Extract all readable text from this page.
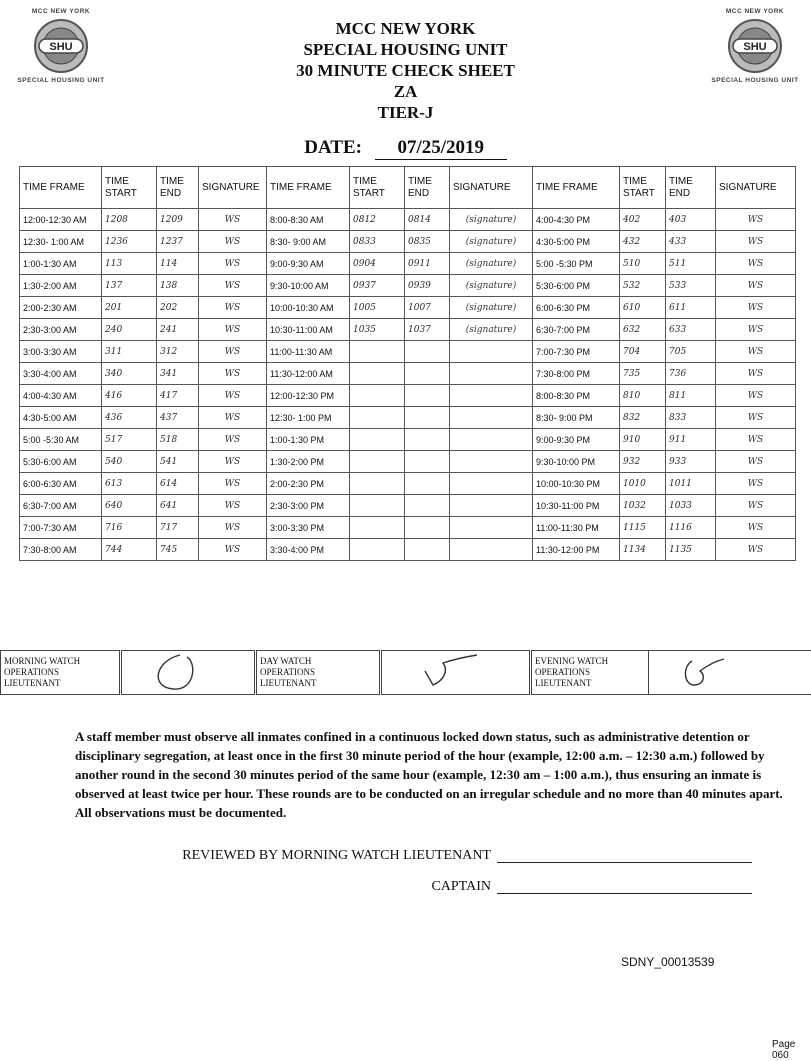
MCC NEW YORK
SHU
SPECIAL HOUSING UNIT
MCC NEW YORK
SHU
SPECIAL HOUSING UNIT
MCC NEW YORK
SPECIAL HOUSING UNIT
30 MINUTE CHECK SHEET
ZA
TIER-J
DATE: 07/25/2019
TIME FRAME	TIME START	TIME END	SIGNATURE	TIME FRAME	TIME START	TIME END	SIGNATURE	TIME FRAME	TIME START	TIME END	SIGNATURE
12:00-12:30 AM	1208	1209	WS	8:00-8:30 AM	0812	0814	(signature)	4:00-4:30 PM	402	403	WS
12:30- 1:00 AM	1236	1237	WS	8:30- 9:00 AM	0833	0835	(signature)	4:30-5:00 PM	432	433	WS
1:00-1:30 AM	113	114	WS	9:00-9:30 AM	0904	0911	(signature)	5:00 -5:30 PM	510	511	WS
1:30-2:00 AM	137	138	WS	9:30-10:00 AM	0937	0939	(signature)	5:30-6:00 PM	532	533	WS
2:00-2:30 AM	201	202	WS	10:00-10:30 AM	1005	1007	(signature)	6:00-6:30 PM	610	611	WS
2:30-3:00 AM	240	241	WS	10:30-11:00 AM	1035	1037	(signature)	6:30-7:00 PM	632	633	WS
3:00-3:30 AM	311	312	WS	11:00-11:30 AM				7:00-7:30 PM	704	705	WS
3:30-4:00 AM	340	341	WS	11:30-12:00 AM				7:30-8:00 PM	735	736	WS
4:00-4:30 AM	416	417	WS	12:00-12:30 PM				8:00-8:30 PM	810	811	WS
4:30-5:00 AM	436	437	WS	12:30- 1:00 PM				8:30- 9:00 PM	832	833	WS
5:00 -5:30 AM	517	518	WS	1:00-1:30 PM				9:00-9:30 PM	910	911	WS
5:30-6:00 AM	540	541	WS	1:30-2:00 PM				9:30-10:00 PM	932	933	WS
6:00-6:30 AM	613	614	WS	2:00-2:30 PM				10:00-10:30 PM	1010	1011	WS
6:30-7:00 AM	640	641	WS	2:30-3:00 PM				10:30-11:00 PM	1032	1033	WS
7:00-7:30 AM	716	717	WS	3:00-3:30 PM				11:00-11:30 PM	1115	1116	WS
7:30-8:00 AM	744	745	WS	3:30-4:00 PM				11:30-12:00 PM	1134	1135	WS
MORNING WATCH
OPERATIONS
LIEUTENANT		DAY WATCH
OPERATIONS
LIEUTENANT		EVENING WATCH
OPERATIONS
LIEUTENANT	
A staff member must observe all inmates confined in a continuous locked down status, such as administrative detention or disciplinary segregation, at least once in the first 30 minute period of the hour (example, 12:00 a.m. – 12:30 a.m.) followed by another round in the second 30 minutes period of the same hour (example, 12:30 am – 1:00 a.m.), thus ensuring an inmate is observed at least twice per hour. These rounds are to be conducted on an irregular schedule and no more than 40 minutes apart. All observations must be documented.
REVIEWED BY MORNING WATCH LIEUTENANT
CAPTAIN
SDNY_00013539
Page 060
